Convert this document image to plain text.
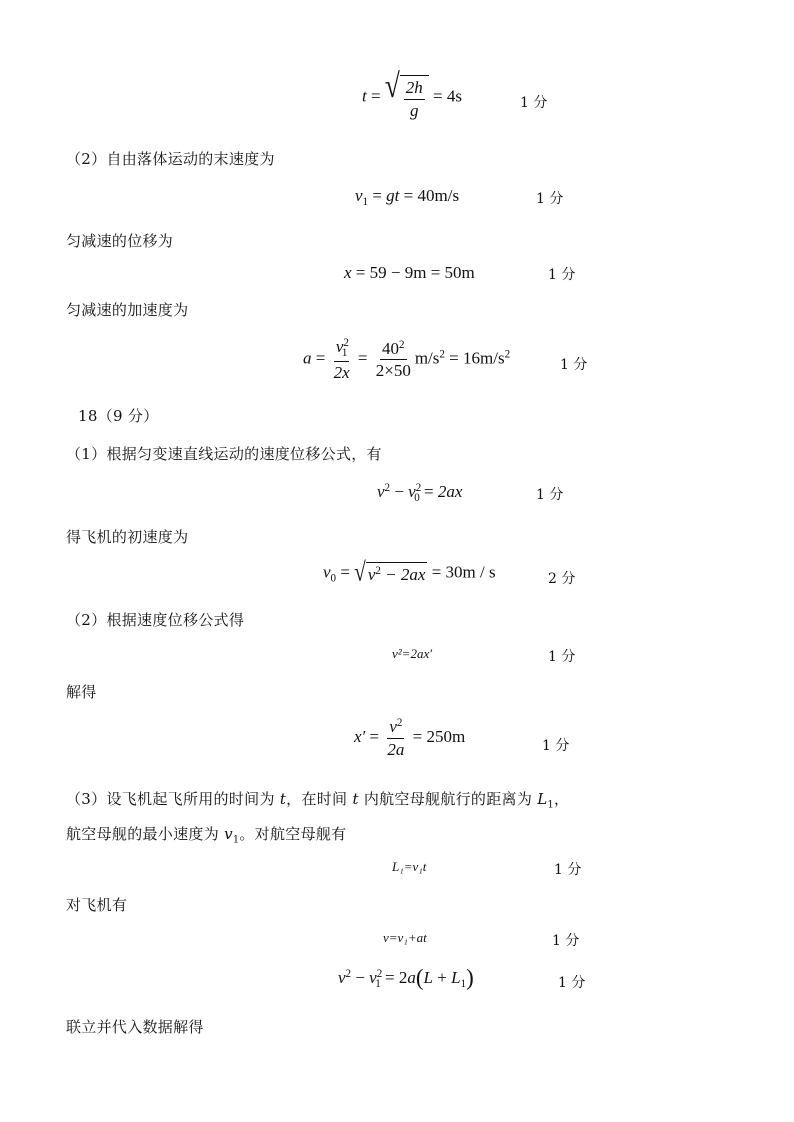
t = √ $\frac{2h}{g} = 4s$	1 分
（2）自由落体运动的末速度为
$v_1$ = gt = 40m/s	1 分
匀减速的位移为
x = 59 − 9m = 50m	1 分
匀减速的加速度为
$a = \frac{v^2_1}{2x} = \frac{40^2}{2\times 50} m/s^2 = 16m/s^2$
1 分
18（9 分）
（1）根据匀变速直线运动的速度位移公式，有
$v^2 - v^2_0 = 2ax$	1 分
得飞机的初速度为
$v_0$ = √ $v^2 - 2ax = 30m / s$	2 分
（2）根据速度位移公式得
v²=2ax′	1 分
解得
$x' = \frac{v^2}{2a} = 250m$
1 分
（3）设飞机起飞所用的时间为 t，在时间 t 内航空母舰航行的距离为 $L_1$，
航空母舰的最小速度为 $v_1$。对航空母舰有
L₁=v₁t	1 分
对飞机有
v=v₁+at	1 分
$v^2 - v^2_1 = 2a(L + L_1)$	1 分
联立并代入数据解得
